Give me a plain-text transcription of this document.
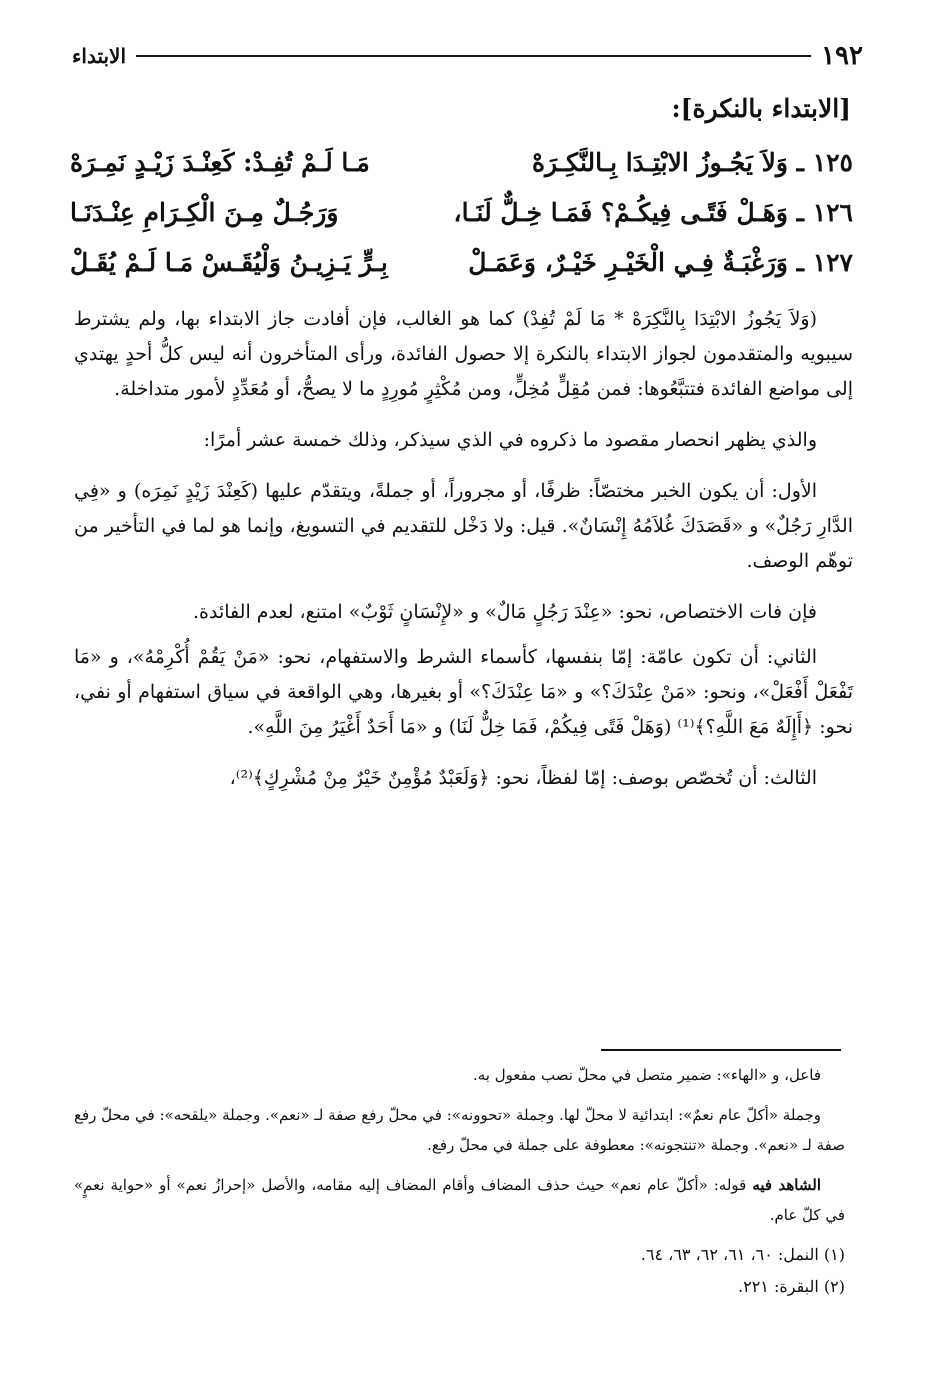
١٩٢
الابتداء
[الابتداء بالنكرة]:
١٢٥ ـ وَلاَ يَجُـوزُ الابْتِـدَا بِـالنَّكِـرَهْ
مَـا لَـمْ تُفِـدْ: كَعِنْـدَ زَيْـدٍ نَمِـرَهْ
١٢٦ ـ وَهَـلْ فَتًـى فِيكُـمْ؟ فَمَـا خِـلٌّ لَنَـا،
وَرَجُـلٌ مِـنَ الْكِـرَامِ عِنْـدَنَـا
١٢٧ ـ وَرَغْبَـةٌ فِـي الْخَيْـرِ خَيْـرٌ، وَعَمَـلْ
بِـرٍّ يَـزِيـنُ وَلْيُقَـسْ مَـا لَـمْ يُقَـلْ

(وَلاَ يَجُوزُ الابْتِدَا بِالنَّكِرَهْ * مَا لَمْ تُفِدْ) كما هو الغالب، فإن أفادت جاز الابتداء بها، ولم يشترط سيبويه والمتقدمون لجواز الابتداء بالنكرة إلا حصول الفائدة، ورأى المتأخرون أنه ليس كلُّ أحدٍ يهتدي إلى مواضع الفائدة فتتبَّعُوها: فمن مُقِلٍّ مُخِلٍّ، ومن مُكْثِرٍ مُورِدٍ ما لا يصحُّ، أو مُعَدِّدٍ لأمور متداخلة.

والذي يظهر انحصار مقصود ما ذكروه في الذي سيذكر، وذلك خمسة عشر أمرًا:

الأول: أن يكون الخبر مختصّاً: ظرفًا، أو مجروراً، أو جملةً، ويتقدّم عليها (كَعِنْدَ زَيْدٍ نَمِرَه) و «فِي الدَّارِ رَجُلٌ» و «قَصَدَكَ غُلاَمُهُ إِنْسَانٌ». قيل: ولا دَخْل للتقديم في التسويغ، وإنما هو لما في التأخير من توهّم الوصف.

فإن فات الاختصاص، نحو: «عِنْدَ رَجُلٍ مَالٌ» و «لإِنْسَانٍ ثَوْبٌ» امتنع، لعدم الفائدة.

الثاني: أن تكون عامّة: إمّا بنفسها، كأسماء الشرط والاستفهام، نحو: «مَنْ يَقُمْ أُكْرِمْهُ»، و «مَا تَفْعَلْ أَفْعَلْ»، ونحو: «مَنْ عِنْدَكَ؟» و «مَا عِنْدَكَ؟» أو بغيرها، وهي الواقعة في سياق استفهام أو نفي، نحو: ﴿أَإِلَهٌ مَعَ اللَّهِ؟﴾⁽¹⁾ (وَهَلْ فَتًى فِيكُمْ، فَمَا خِلٌّ لَنَا) و «مَا أَحَدٌ أَغْيَرُ مِنَ اللَّهِ».

الثالث: أن تُخصّص بوصف: إمّا لفظاً، نحو: ﴿وَلَعَبْدٌ مُؤْمِنٌ خَيْرٌ مِنْ مُشْرِكٍ﴾⁽²⁾،

فاعل، و «الهاء»: ضمير متصل في محلّ نصب مفعول به.

وجملة «أكلّ عام نعمٌ»: ابتدائية لا محلّ لها. وجملة «تحوونه»: في محلّ رفع صفة لـ «نعم». وجملة «يلقحه»: في محلّ رفع صفة لـ «نعم». وجملة «تنتجونه»: معطوفة على جملة في محلّ رفع.

الشاهد فيه قوله: «أكلّ عام نعم» حيث حذف المضاف وأقام المضاف إليه مقامه، والأصل «إحرازُ نعم» أو «حواية نعمٍ» في كلّ عام.

(١) النمل: ٦٠، ٦١، ٦٢، ٦٣، ٦٤.

(٢) البقرة: ٢٢١.
